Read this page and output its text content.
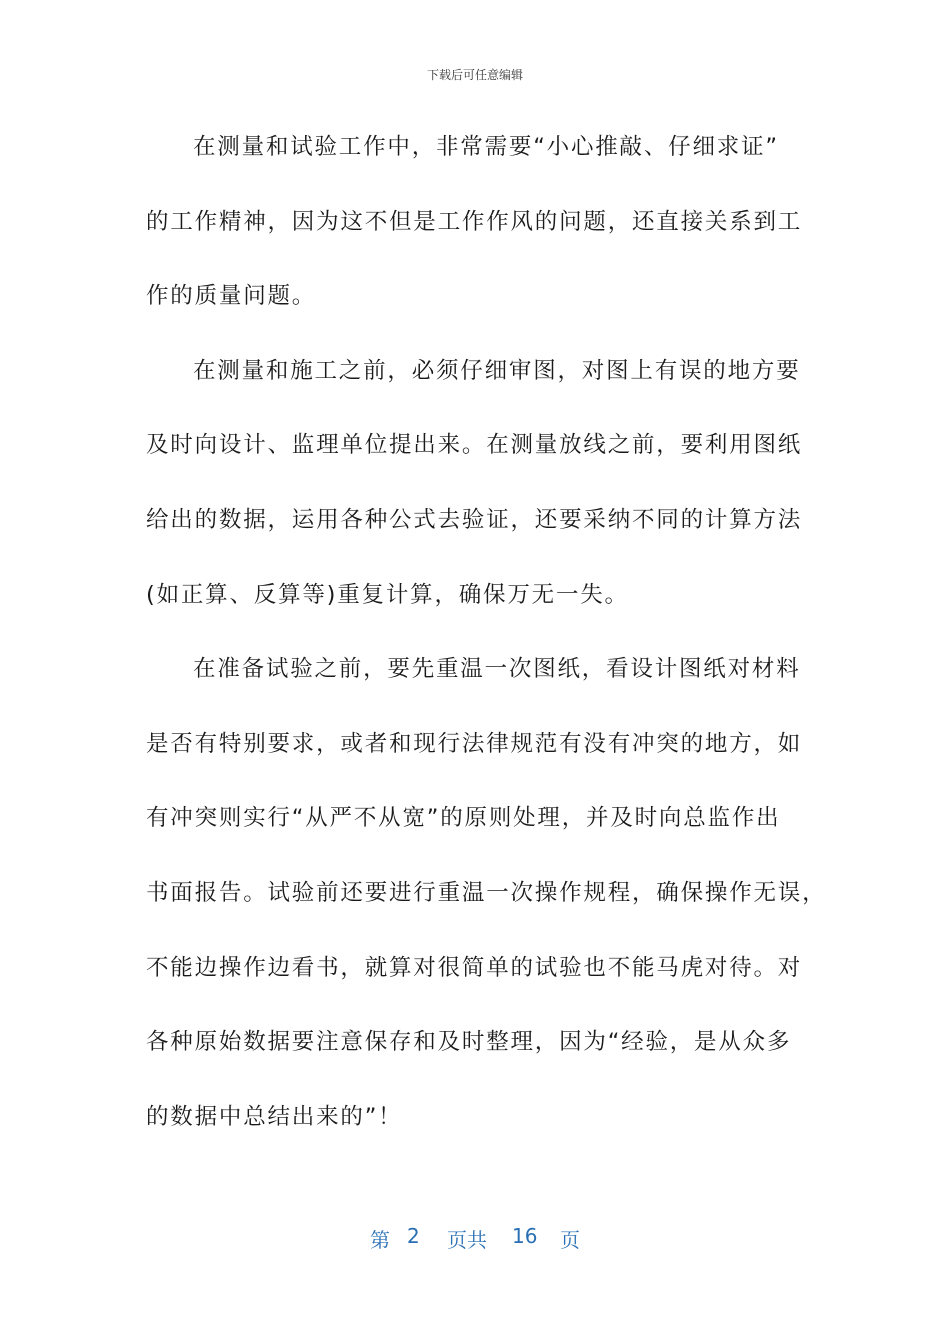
下载后可任意编辑
在测量和试验工作中，非常需要“小心推敲、仔细求证”
的工作精神，因为这不但是工作作风的问题，还直接关系到工
作的质量问题。
在测量和施工之前，必须仔细审图，对图上有误的地方要
及时向设计、监理单位提出来。在测量放线之前，要利用图纸
给出的数据，运用各种公式去验证，还要采纳不同的计算方法
(如正算、反算等)重复计算，确保万无一失。
在准备试验之前，要先重温一次图纸，看设计图纸对材料
是否有特别要求，或者和现行法律规范有没有冲突的地方，如
有冲突则实行“从严不从宽”的原则处理，并及时向总监作出
书面报告。试验前还要进行重温一次操作规程，确保操作无误，
不能边操作边看书，就算对很简单的试验也不能马虎对待。对
各种原始数据要注意保存和及时整理，因为“经验，是从众多
的数据中总结出来的”！
第 2 页共 16 页
